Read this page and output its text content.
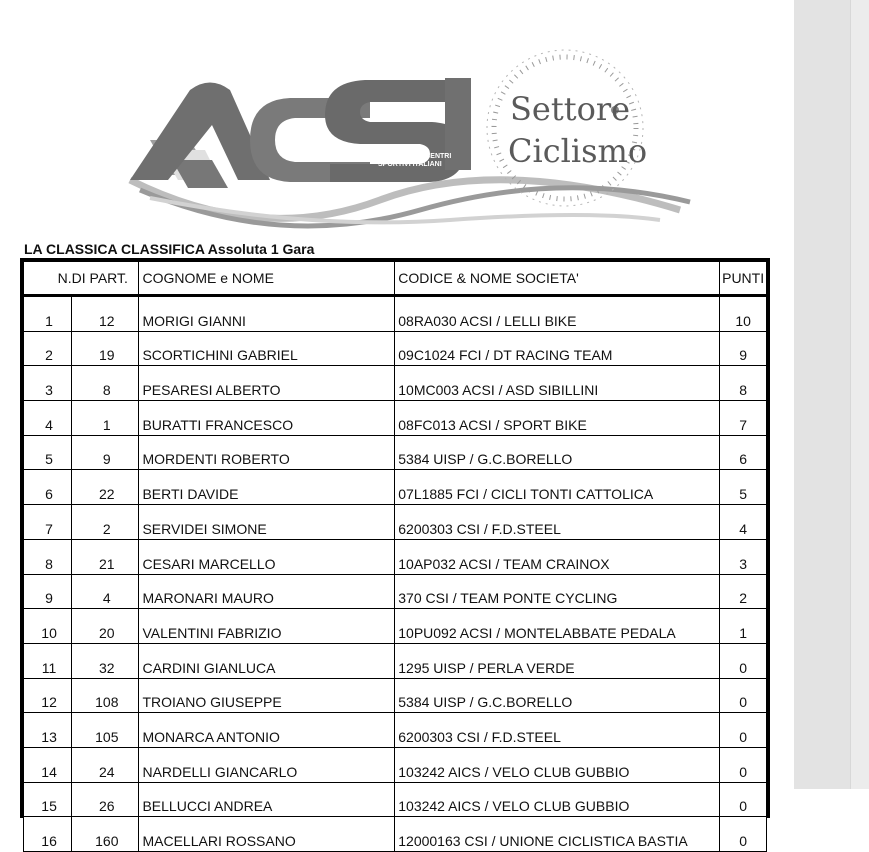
ASSOCIAZIONE CENTRI
SPORTIVI ITALIANI
Settore
Ciclismo
LA CLASSICA CLASSIFICA Assoluta 1 Gara
N.	DI PART.	COGNOME e NOME	CODICE & NOME SOCIETA'	PUNTI
1	12	MORIGI GIANNI	08RA030 ACSI / LELLI BIKE	10
2	19	SCORTICHINI GABRIEL	09C1024 FCI / DT RACING TEAM	9
3	8	PESARESI ALBERTO	10MC003 ACSI / ASD SIBILLINI	8
4	1	BURATTI FRANCESCO	08FC013 ACSI / SPORT BIKE	7
5	9	MORDENTI ROBERTO	5384 UISP / G.C.BORELLO	6
6	22	BERTI DAVIDE	07L1885 FCI / CICLI TONTI CATTOLICA	5
7	2	SERVIDEI SIMONE	6200303 CSI / F.D.STEEL	4
8	21	CESARI MARCELLO	10AP032 ACSI / TEAM CRAINOX	3
9	4	MARONARI MAURO	370 CSI / TEAM PONTE CYCLING	2
10	20	VALENTINI FABRIZIO	10PU092 ACSI / MONTELABBATE PEDALA	1
11	32	CARDINI GIANLUCA	1295 UISP / PERLA VERDE	0
12	108	TROIANO GIUSEPPE	5384 UISP / G.C.BORELLO	0
13	105	MONARCA ANTONIO	6200303 CSI / F.D.STEEL	0
14	24	NARDELLI GIANCARLO	103242 AICS / VELO CLUB GUBBIO	0
15	26	BELLUCCI ANDREA	103242 AICS / VELO CLUB GUBBIO	0
16	160	MACELLARI ROSSANO	12000163 CSI / UNIONE CICLISTICA BASTIA	0
